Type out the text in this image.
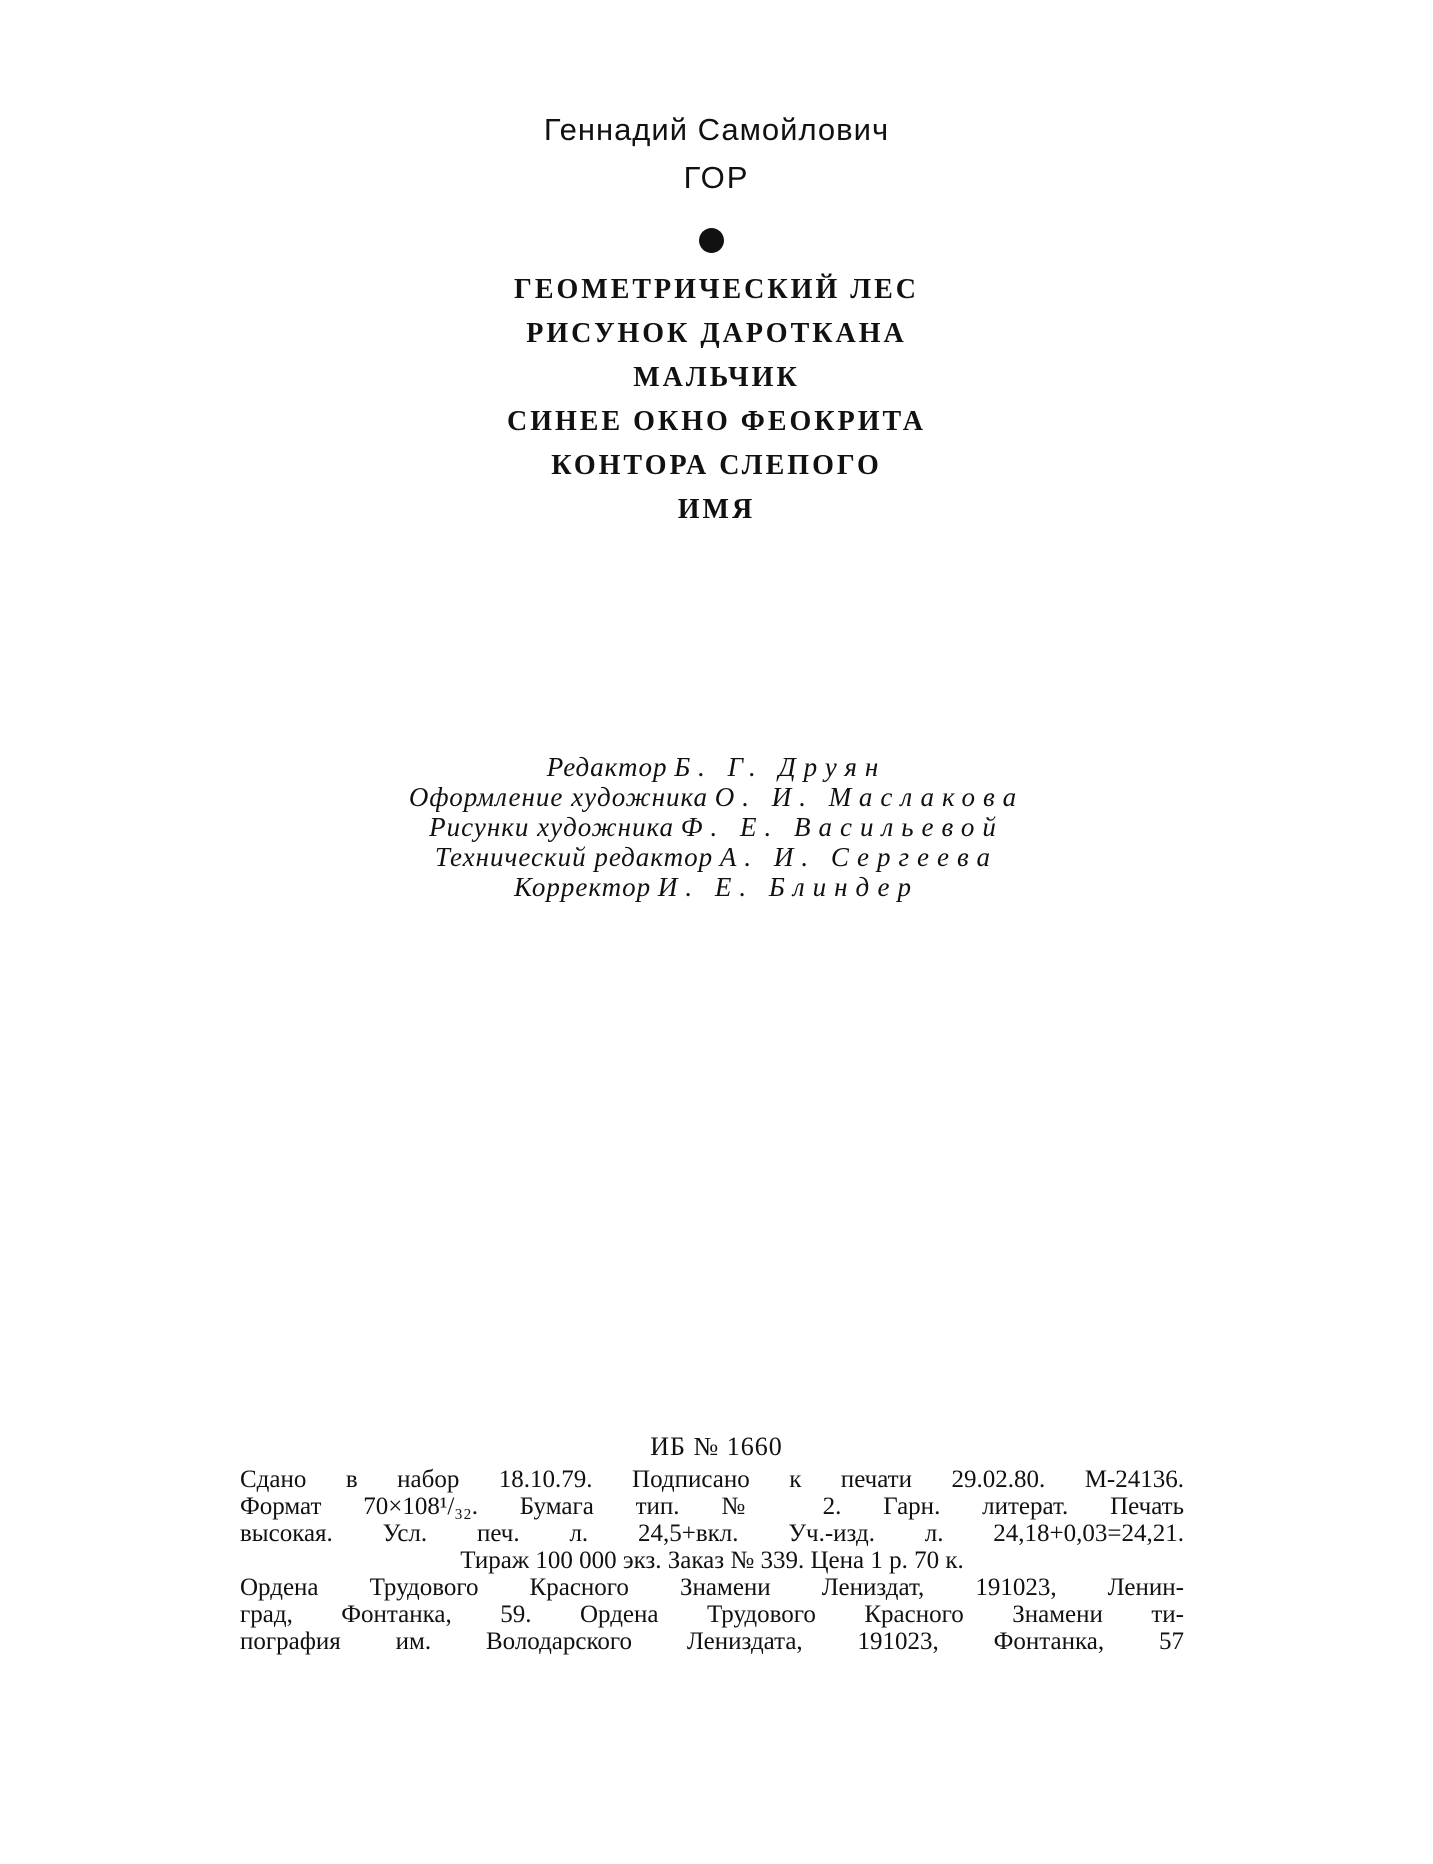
Геннадий Самойлович
ГОР
ГЕОМЕТРИЧЕСКИЙ ЛЕС
РИСУНОК ДАРОТКАНА
МАЛЬЧИК
СИНЕЕ ОКНО ФЕОКРИТА
КОНТОРА СЛЕПОГО
ИМЯ
Редактор Б. Г. Друян
Оформление художника О. И. Маслакова
Рисунки художника Ф. Е. Васильевой
Технический редактор А. И. Сергеева
Корректор И. Е. Блиндер
ИБ № 1660
Сдано в набор 18.10.79. Подписано к печати 29.02.80. М-24136.
Формат 70×108¹/₃₂. Бумага тип. № 2. Гарн. литерат. Печать
высокая. Усл. печ. л. 24,5+вкл. Уч.-изд. л. 24,18+0,03=24,21.
Тираж 100 000 экз. Заказ № 339. Цена 1 р. 70 к.
Ордена Трудового Красного Знамени Лениздат, 191023, Ленин-
град, Фонтанка, 59. Ордена Трудового Красного Знамени ти-
пография им. Володарского Лениздата, 191023, Фонтанка, 57
